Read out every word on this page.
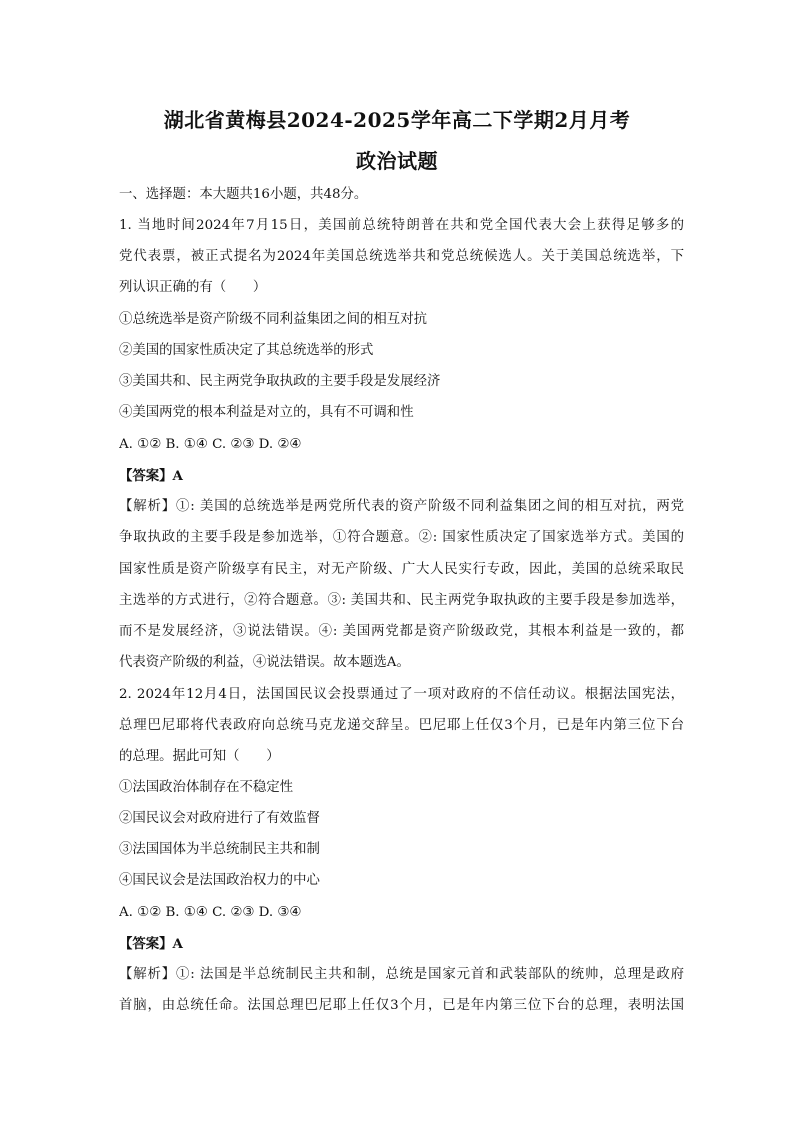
湖北省黄梅县2024-2025学年高二下学期2月月考
政治试题
一、选择题：本大题共16小题，共48分。
1. 当地时间2024年7月15日，美国前总统特朗普在共和党全国代表大会上获得足够多的
党代表票，被正式提名为2024年美国总统选举共和党总统候选人。关于美国总统选举，下
列认识正确的有（　　）
①总统选举是资产阶级不同利益集团之间的相互对抗
②美国的国家性质决定了其总统选举的形式
③美国共和、民主两党争取执政的主要手段是发展经济
④美国两党的根本利益是对立的，具有不可调和性
A. ①② B. ①④ C. ②③ D. ②④
【答案】A
【解析】①: 美国的总统选举是两党所代表的资产阶级不同利益集团之间的相互对抗，两党
争取执政的主要手段是参加选举，①符合题意。②: 国家性质决定了国家选举方式。美国的
国家性质是资产阶级享有民主，对无产阶级、广大人民实行专政，因此，美国的总统采取民
主选举的方式进行，②符合题意。③: 美国共和、民主两党争取执政的主要手段是参加选举，
而不是发展经济，③说法错误。④: 美国两党都是资产阶级政党，其根本利益是一致的，都
代表资产阶级的利益，④说法错误。故本题选A。
2. 2024年12月4日，法国国民议会投票通过了一项对政府的不信任动议。根据法国宪法，
总理巴尼耶将代表政府向总统马克龙递交辞呈。巴尼耶上任仅3个月，已是年内第三位下台
的总理。据此可知（　　）
①法国政治体制存在不稳定性
②国民议会对政府进行了有效监督
③法国国体为半总统制民主共和制
④国民议会是法国政治权力的中心
A. ①② B. ①④ C. ②③ D. ③④
【答案】A
【解析】①: 法国是半总统制民主共和制，总统是国家元首和武装部队的统帅，总理是政府
首脑，由总统任命。法国总理巴尼耶上任仅3个月，已是年内第三位下台的总理，表明法国
